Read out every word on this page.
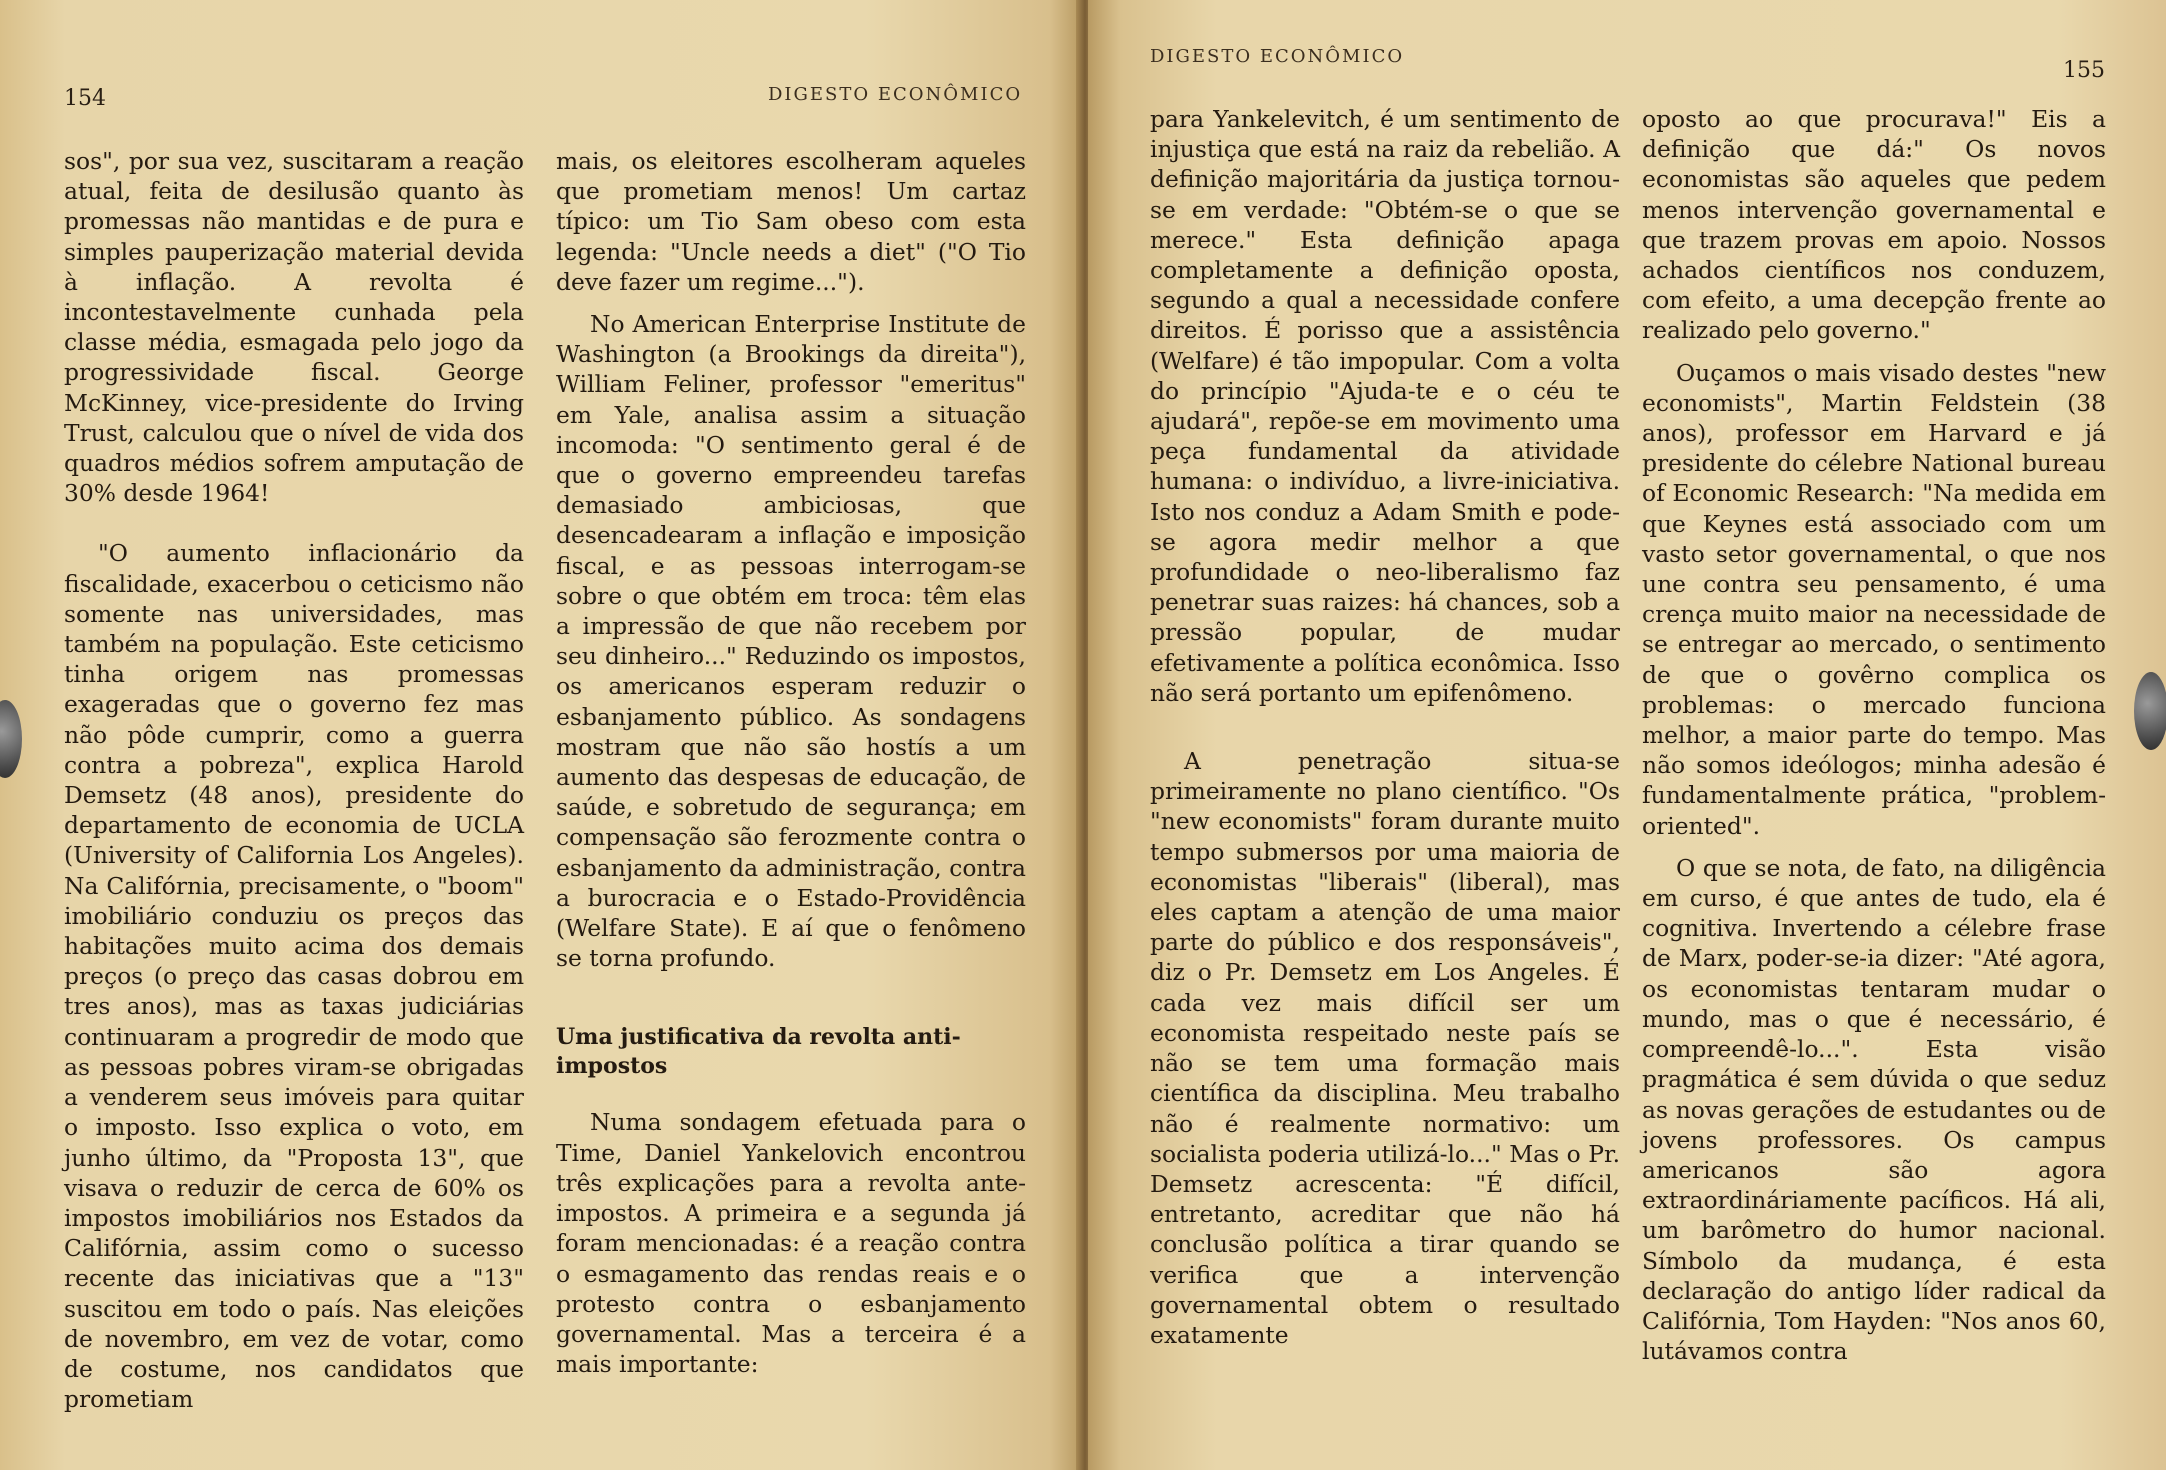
154	DIGESTO ECONÔMICO

sos", por sua vez, suscitaram a reação atual, feita de desilusão quanto às promessas não mantidas e de pura e simples pauperização material devida à inflação. A revolta é incontestavelmente cunhada pela classe média, esmagada pelo jogo da progressividade fiscal. George McKinney, vice-presidente do Irving Trust, calculou que o nível de vida dos quadros médios sofrem amputação de 30% desde 1964!

"O aumento inflacionário da fiscalidade, exacerbou o ceticismo não somente nas universidades, mas também na população. Este ceticismo tinha origem nas promessas exageradas que o governo fez mas não pôde cumprir, como a guerra contra a pobreza", explica Harold Demsetz (48 anos), presidente do departamento de economia de UCLA (University of California Los Angeles). Na Califórnia, precisamente, o "boom" imobiliário conduziu os preços das habitações muito acima dos demais preços (o preço das casas dobrou em tres anos), mas as taxas judiciárias continuaram a progredir de modo que as pessoas pobres viram-se obrigadas a venderem seus imóveis para quitar o imposto. Isso explica o voto, em junho último, da "Proposta 13", que visava o reduzir de cerca de 60% os impostos imobiliários nos Estados da Califórnia, assim como o sucesso recente das iniciativas que a "13" suscitou em todo o país. Nas eleições de novembro, em vez de votar, como de costume, nos candidatos que prometiam

mais, os eleitores escolheram aqueles que prometiam menos! Um cartaz típico: um Tio Sam obeso com esta legenda: "Uncle needs a diet" ("O Tio deve fazer um regime...").

No American Enterprise Institute de Washington (a Brookings da direita"), William Feliner, professor "emeritus" em Yale, analisa assim a situação incomoda: "O sentimento geral é de que o governo empreendeu tarefas demasiado ambiciosas, que desencadearam a inflação e imposição fiscal, e as pessoas interrogam-se sobre o que obtém em troca: têm elas a impressão de que não recebem por seu dinheiro..." Reduzindo os impostos, os americanos esperam reduzir o esbanjamento público. As sondagens mostram que não são hostís a um aumento das despesas de educação, de saúde, e sobretudo de segurança; em compensação são ferozmente contra o esbanjamento da administração, contra a burocracia e o Estado-Providência (Welfare State). E aí que o fenômeno se torna profundo.

Uma justificativa da revolta anti-impostos

Numa sondagem efetuada para o Time, Daniel Yankelovich encontrou três explicações para a revolta ante-impostos. A primeira e a segunda já foram mencionadas: é a reação contra o esmagamento das rendas reais e o protesto contra o esbanjamento governamental. Mas a terceira é a mais importante:

DIGESTO ECONÔMICO
155

para Yankelevitch, é um sentimento de injustiça que está na raiz da rebelião. A definição majoritária da justiça tornou-se em verdade: "Obtém-se o que se merece." Esta definição apaga completamente a definição oposta, segundo a qual a necessidade confere direitos. É porisso que a assistência (Welfare) é tão impopular. Com a volta do princípio "Ajuda-te e o céu te ajudará", repõe-se em movimento uma peça fundamental da atividade humana: o indivíduo, a livre-iniciativa. Isto nos conduz a Adam Smith e pode-se agora medir melhor a que profundidade o neo-liberalismo faz penetrar suas raizes: há chances, sob a pressão popular, de mudar efetivamente a política econômica. Isso não será portanto um epifenômeno.

A penetração situa-se primeiramente no plano científico. "Os "new economists" foram durante muito tempo submersos por uma maioria de economistas "liberais" (liberal), mas eles captam a atenção de uma maior parte do público e dos responsáveis", diz o Pr. Demsetz em Los Angeles. É cada vez mais difícil ser um economista respeitado neste país se não se tem uma formação mais científica da disciplina. Meu trabalho não é realmente normativo: um socialista poderia utilizá-lo..." Mas o Pr. Demsetz acrescenta: "É difícil, entretanto, acreditar que não há conclusão política a tirar quando se verifica que a intervenção governamental obtem o resultado exatamente

oposto ao que procurava!" Eis a definição que dá:" Os novos economistas são aqueles que pedem menos intervenção governamental e que trazem provas em apoio. Nossos achados científicos nos conduzem, com efeito, a uma decepção frente ao realizado pelo governo."

Ouçamos o mais visado destes "new economists", Martin Feldstein (38 anos), professor em Harvard e já presidente do célebre National bureau of Economic Research: "Na medida em que Keynes está associado com um vasto setor governamental, o que nos une contra seu pensamento, é uma crença muito maior na necessidade de se entregar ao mercado, o sentimento de que o govêrno complica os problemas: o mercado funciona melhor, a maior parte do tempo. Mas não somos ideólogos; minha adesão é fundamentalmente prática, "problem-oriented".

O que se nota, de fato, na diligência em curso, é que antes de tudo, ela é cognitiva. Invertendo a célebre frase de Marx, poder-se-ia dizer: "Até agora, os economistas tentaram mudar o mundo, mas o que é necessário, é compreendê-lo...". Esta visão pragmática é sem dúvida o que seduz as novas gerações de estudantes ou de jovens professores. Os campus americanos são agora extraordináriamente pacíficos. Há ali, um barômetro do humor nacional. Símbolo da mudança, é esta declaração do antigo líder radical da Califórnia, Tom Hayden: "Nos anos 60, lutávamos contra
